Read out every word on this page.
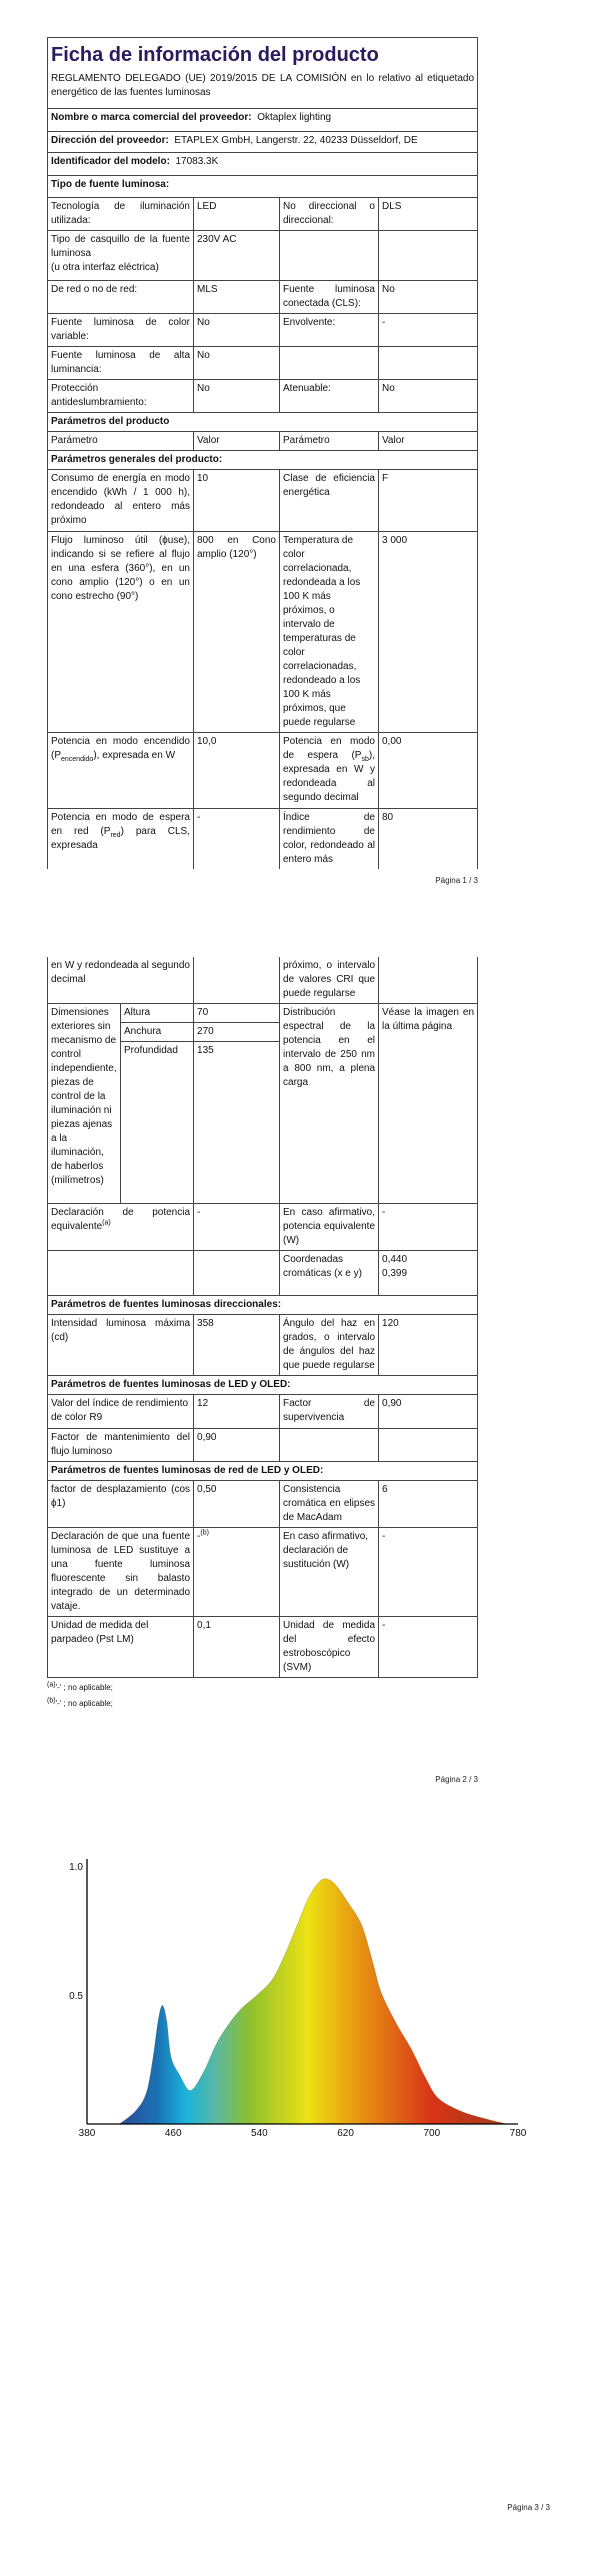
Ficha de información del producto
REGLAMENTO DELEGADO (UE) 2019/2015 DE LA COMISIÓN en lo relativo al etiquetado energético de las fuentes luminosas			

Nombre o marca comercial del proveedor: Oktaplex lighting			
Dirección del proveedor: ETAPLEX GmbH, Langerstr. 22, 40233 Düsseldorf, DE			
Identificador del modelo: 17083.3K			
Tipo de fuente luminosa:			
Tecnología de iluminación utilizada:	LED	No direccional o direccional:	DLS
Tipo de casquillo de la fuente luminosa
(u otra interfaz eléctrica)	230V AC		
De red o no de red:	MLS	Fuente luminosa conectada (CLS):	No
Fuente luminosa de color variable:	No	Envolvente:	-
Fuente luminosa de alta luminancia:	No		
Protección antideslumbramiento:	No	Atenuable:	No
Parámetros del producto			
Parámetro	Valor	Parámetro	Valor
Parámetros generales del producto:			
Consumo de energía en modo encendido (kWh / 1 000 h), redondeado al entero más próximo	10	Clase de eficiencia energética	F
Flujo luminoso útil (ϕuse), indicando si se refiere al flujo en una esfera (360°), en un cono amplio (120°) o en un cono estrecho (90°)	800 en Cono amplio (120°)	Temperatura de color correlacionada, redondeada a los 100 K más próximos, o intervalo de temperaturas de color correlacionadas, redondeado a los 100 K más próximos, que puede regularse	3 000
Potencia en modo encendido $(P_{encendido})$, expresada en W	10,0	Potencia en modo de espera $(P_{sb})$, expresada en W y redondeada al segundo decimal	0,00
Potencia en modo de espera en red $(P_{red})$ para CLS, expresada	-	Índice de rendimiento de color, redondeado al entero más	80
Página 1 / 3
en W y redondeada al segundo decimal			próximo, o intervalo de valores CRI que puede regularse	
Dimensiones exteriores sin mecanismo de control independiente, piezas de control de la iluminación ni piezas ajenas a la iluminación, de haberlos (milímetros)	Altura	70	Distribución espectral de la potencia en el intervalo de 250 nm a 800 nm, a plena carga	Véase la imagen en la última página
	Anchura	270		
	Profundidad	135		
Declaración de potencia equivalente$^{(a)}$		-	En caso afirmativo, potencia equivalente (W)	-
			Coordenadas cromáticas (x e y)	0,440
0,399
Parámetros de fuentes luminosas direccionales:				
Intensidad luminosa máxima (cd)		358	Ángulo del haz en grados, o intervalo de ángulos del haz que puede regularse	120
Parámetros de fuentes luminosas de LED y OLED:				
Valor del índice de rendimiento de color R9		12	Factor de supervivencia	0,90
Factor de mantenimiento del flujo luminoso		0,90		
Parámetros de fuentes luminosas de red de LED y OLED:				
factor de desplazamiento (cos ϕ1)		0,50	Consistencia cromática en elipses de MacAdam	6
Declaración de que una fuente luminosa de LED sustituye a una fuente luminosa fluorescente sin balasto integrado de un determinado vataje.		-$^{(b)}$	En caso afirmativo, declaración de sustitución (W)	-
Unidad de medida del parpadeo (Pst LM)		0,1	Unidad de medida del efecto estroboscópico (SVM)	-
$^{(a)}$'-' ; no aplicable;
$^{(b)}$'-' ; no aplicable;
Página 2 / 3
380	460	540	620	700	780
0.5
1.0
Página 3 / 3
